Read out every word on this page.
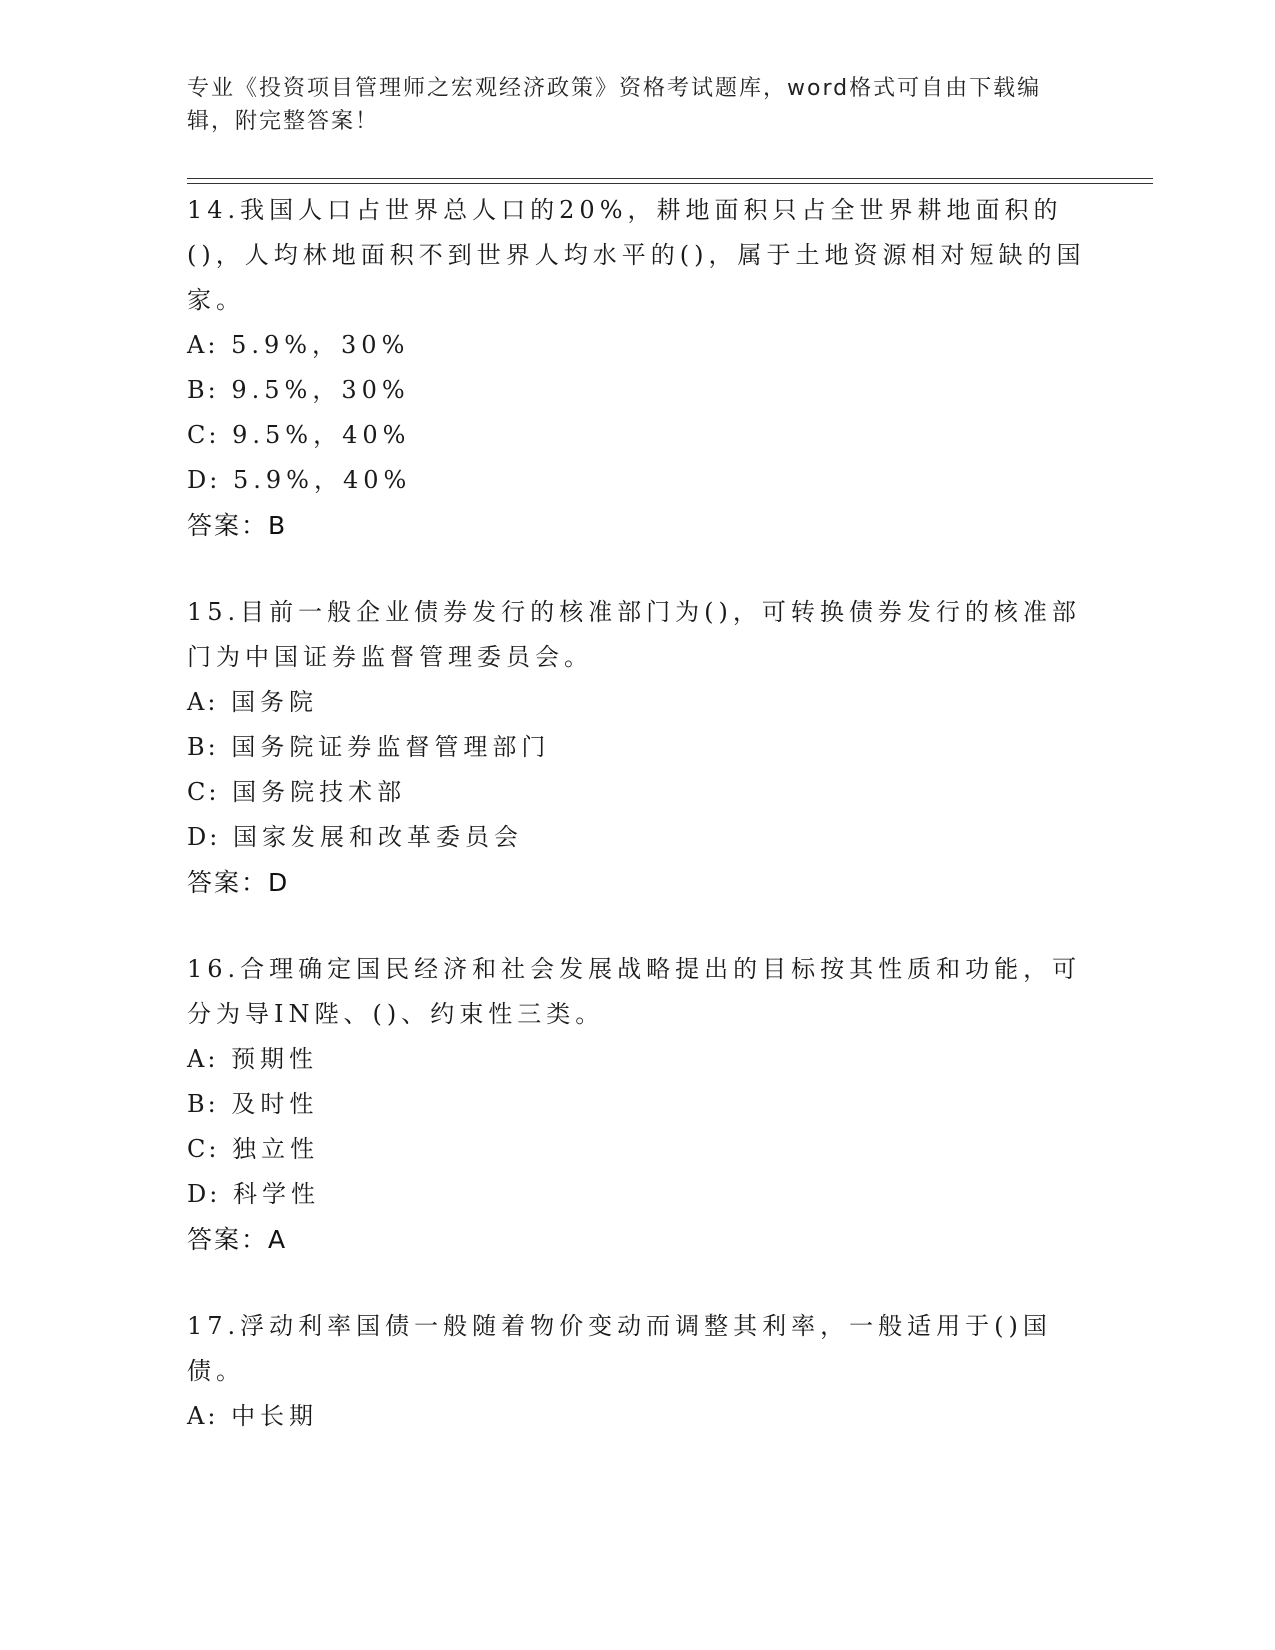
专业《投资项目管理师之宏观经济政策》资格考试题库，word格式可自由下载编辑，附完整答案！
14.我国人口占世界总人口的20%，耕地面积只占全世界耕地面积的()，人均林地面积不到世界人均水平的()，属于土地资源相对短缺的国家。
A: 5.9%，30%
B: 9.5%，30%
C: 9.5%，40%
D: 5.9%，40%
答案：B
15.目前一般企业债券发行的核准部门为()，可转换债券发行的核准部门为中国证券监督管理委员会。
A: 国务院
B: 国务院证券监督管理部门
C: 国务院技术部
D: 国家发展和改革委员会
答案：D
16.合理确定国民经济和社会发展战略提出的目标按其性质和功能，可分为导IN陛、()、约束性三类。
A: 预期性
B: 及时性
C: 独立性
D: 科学性
答案：A
17.浮动利率国债一般随着物价变动而调整其利率，一般适用于()国债。
A: 中长期
